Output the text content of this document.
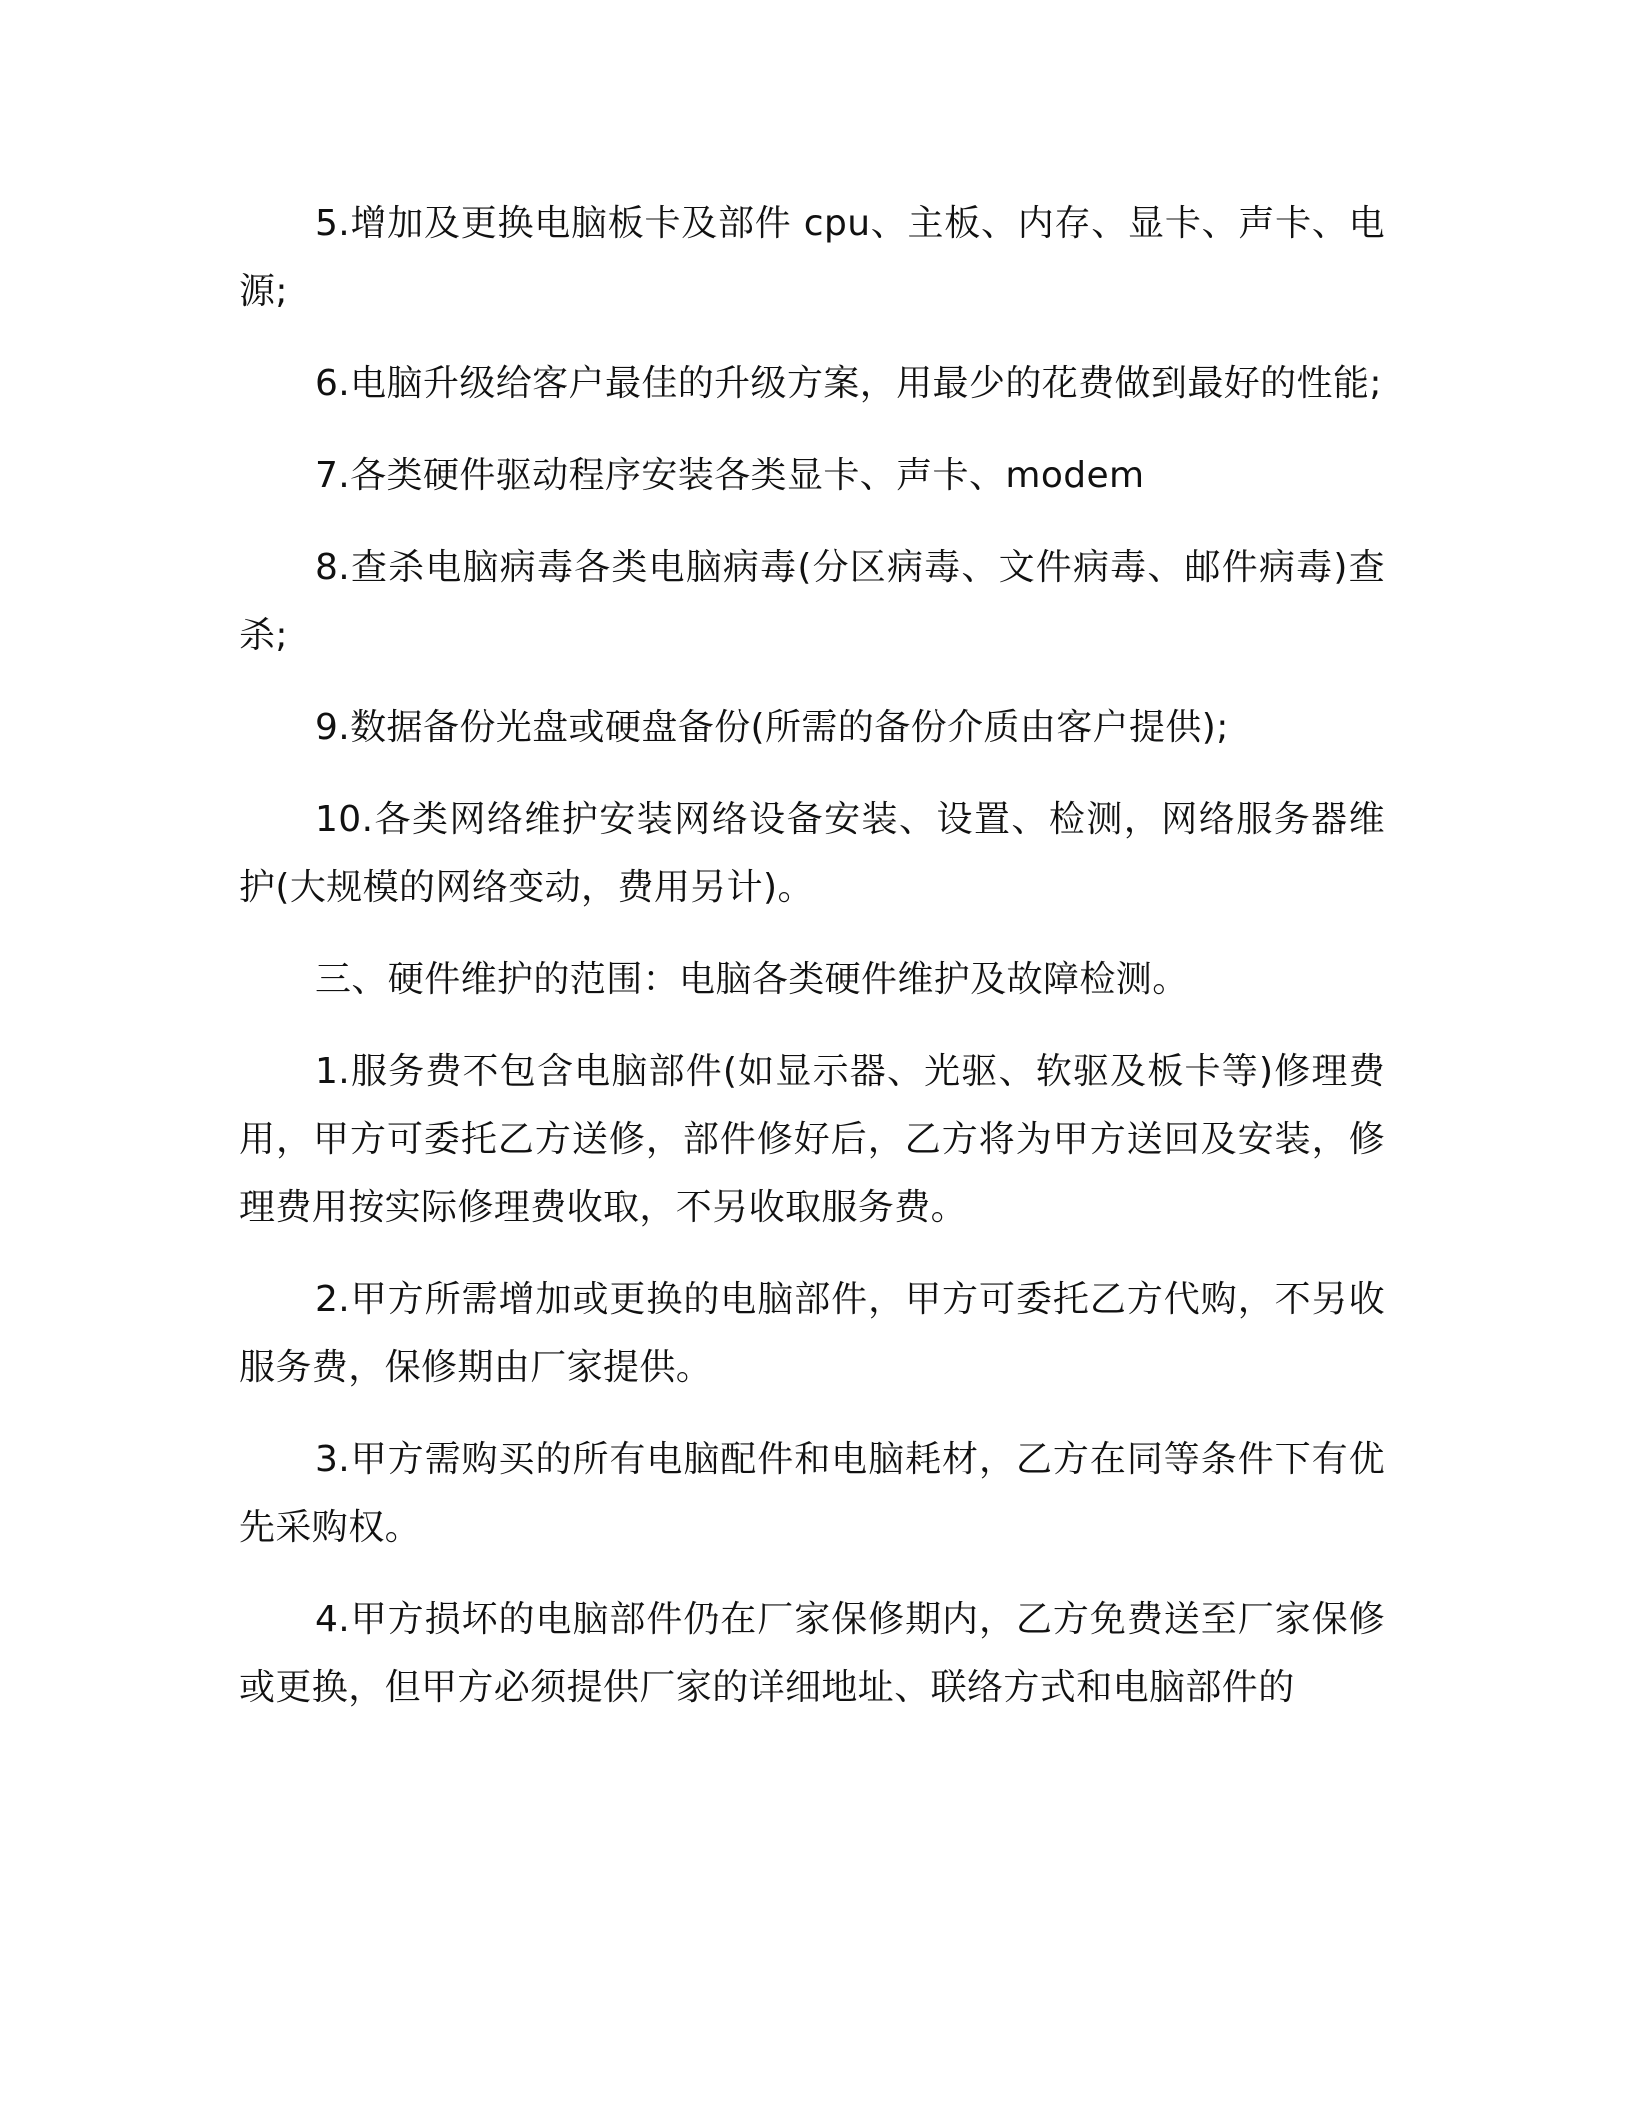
5.增加及更换电脑板卡及部件 cpu、主板、内存、显卡、声卡、电源;

6.电脑升级给客户最佳的升级方案，用最少的花费做到最好的性能;

7.各类硬件驱动程序安装各类显卡、声卡、modem

8.查杀电脑病毒各类电脑病毒(分区病毒、文件病毒、邮件病毒)查杀;

9.数据备份光盘或硬盘备份(所需的备份介质由客户提供);

10.各类网络维护安装网络设备安装、设置、检测，网络服务器维护(大规模的网络变动，费用另计)。

三、硬件维护的范围：电脑各类硬件维护及故障检测。

1.服务费不包含电脑部件(如显示器、光驱、软驱及板卡等)修理费用，甲方可委托乙方送修，部件修好后，乙方将为甲方送回及安装，修理费用按实际修理费收取，不另收取服务费。

2.甲方所需增加或更换的电脑部件，甲方可委托乙方代购，不另收服务费，保修期由厂家提供。

3.甲方需购买的所有电脑配件和电脑耗材，乙方在同等条件下有优先采购权。

4.甲方损坏的电脑部件仍在厂家保修期内，乙方免费送至厂家保修或更换，但甲方必须提供厂家的详细地址、联络方式和电脑部件的
